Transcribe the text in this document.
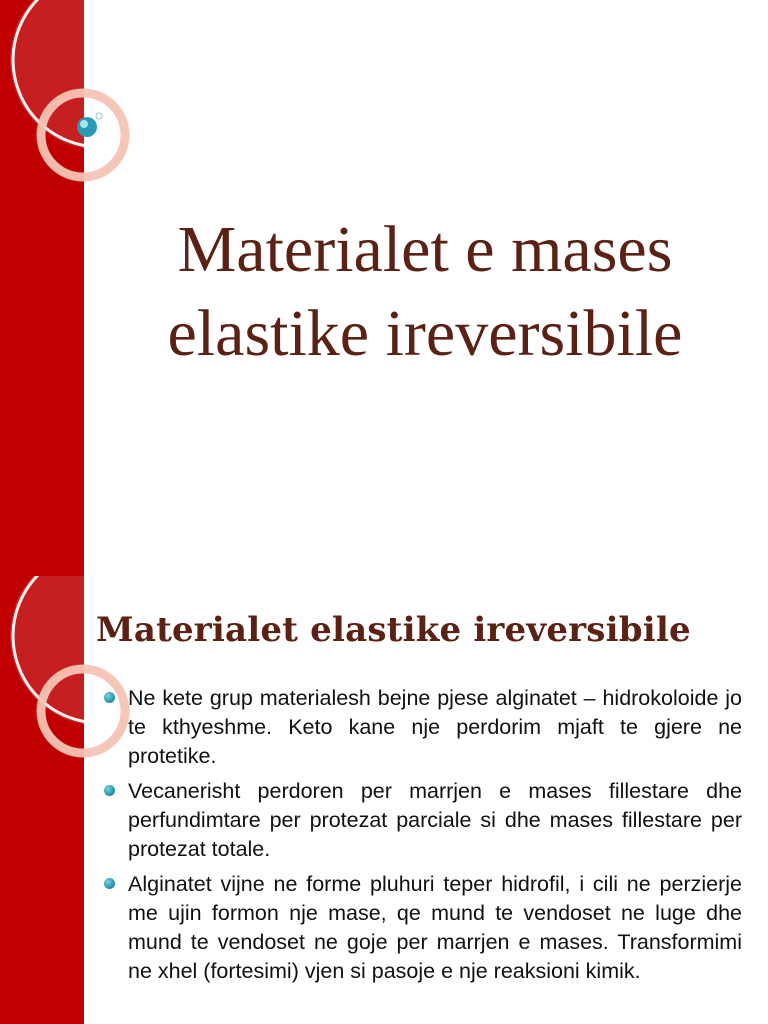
Materialet e mases
elastike ireversibile
Materialet elastike ireversibile
Ne kete grup materialesh bejne pjese alginatet – hidrokoloide jo te kthyeshme. Keto kane nje perdorim mjaft te gjere ne protetike.
Vecanerisht perdoren per marrjen e mases fillestare dhe perfundimtare per protezat parciale si dhe mases fillestare per protezat totale.
Alginatet vijne ne forme pluhuri teper hidrofil, i cili ne perzierje me ujin formon nje mase, qe mund te vendoset ne luge dhe mund te vendoset ne goje per marrjen e mases. Transformimi ne xhel (fortesimi) vjen si pasoje e nje reaksioni kimik.
